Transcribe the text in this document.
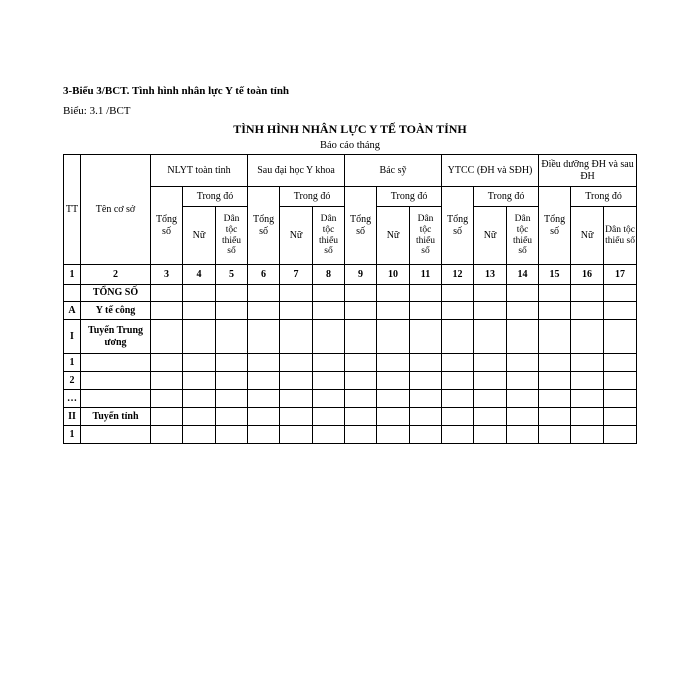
3-Biểu 3/BCT. Tình hình nhân lực Y tế toàn tỉnh
Biểu: 3.1 /BCT
TÌNH HÌNH NHÂN LỰC Y TẾ TOÀN TỈNH
Báo cáo tháng
TT	Tên cơ sở	NLYT toàn tỉnh			Sau đại học Y khoa			Bác sỹ			YTCC (ĐH và SĐH)			Điều dưỡng ĐH và sau ĐH		
		Tổng số	Trong đó		Tổng số	Trong đó		Tổng số	Trong đó		Tổng số	Trong đó		Tổng số	Trong đó	
			Nữ	Dân tộc thiểu số		Nữ	Dân tộc thiểu số		Nữ	Dân tộc thiểu số		Nữ	Dân tộc thiểu số		Nữ	Dân tộc thiểu số
1	2	3	4	5	6	7	8	9	10	11	12	13	14	15	16	17
	TỔNG SỐ															
A	Y tế công															
I	Tuyến Trung ương															
1																
2																
…																
II	Tuyến tỉnh															
1																
